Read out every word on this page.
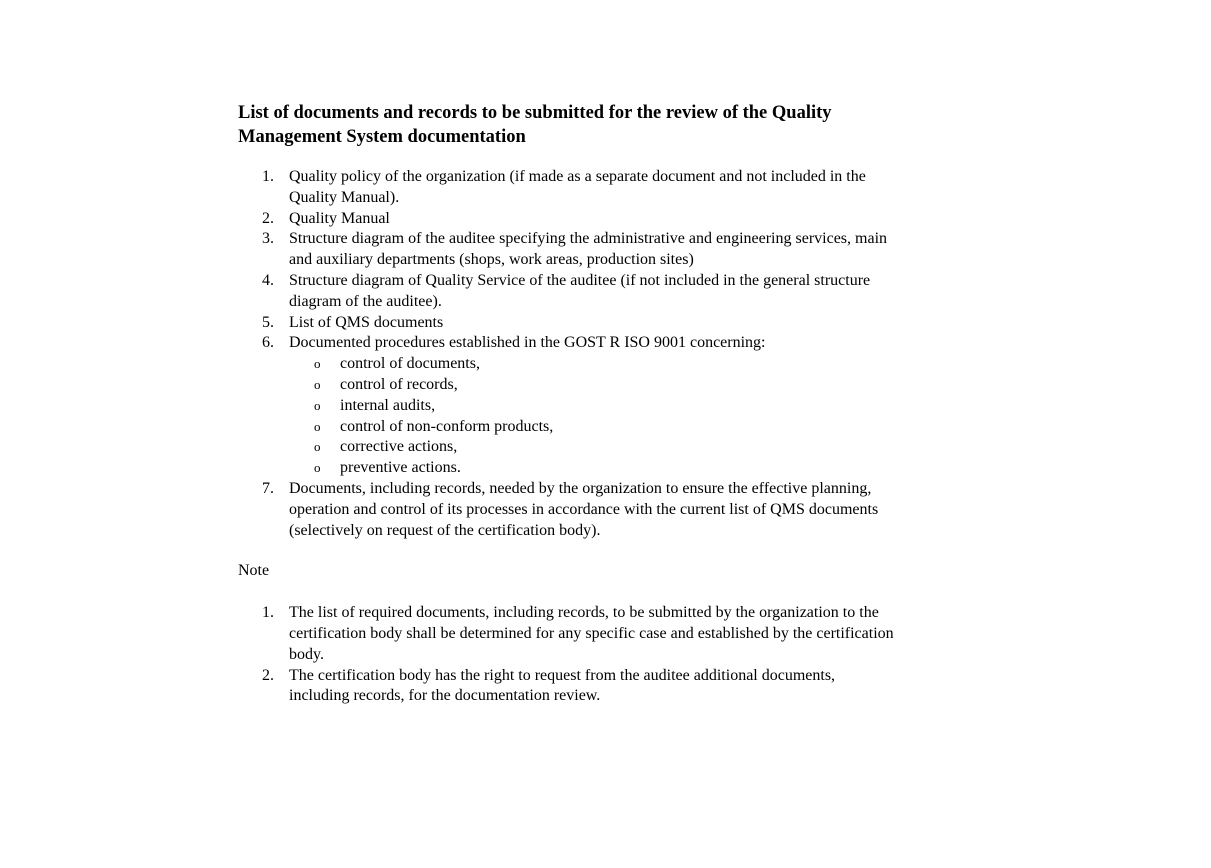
List of documents and records to be submitted for the review of the Quality Management System documentation
1. Quality policy of the organization (if made as a separate document and not included in the Quality Manual).
2. Quality Manual
3. Structure diagram of the auditee specifying the administrative and engineering services, main and auxiliary departments (shops, work areas, production sites)
4. Structure diagram of Quality Service of the auditee (if not included in the general structure diagram of the auditee).
5. List of QMS documents
6. Documented procedures established in the GOST R ISO 9001 concerning:
o control of documents,
o control of records,
o internal audits,
o control of non-conform products,
o corrective actions,
o preventive actions.
7. Documents, including records, needed by the organization to ensure the effective planning, operation and control of its processes in accordance with the current list of QMS documents (selectively on request of the certification body).
Note
1. The list of required documents, including records, to be submitted by the organization to the certification body shall be determined for any specific case and established by the certification body.
2. The certification body has the right to request from the auditee additional documents, including records, for the documentation review.
